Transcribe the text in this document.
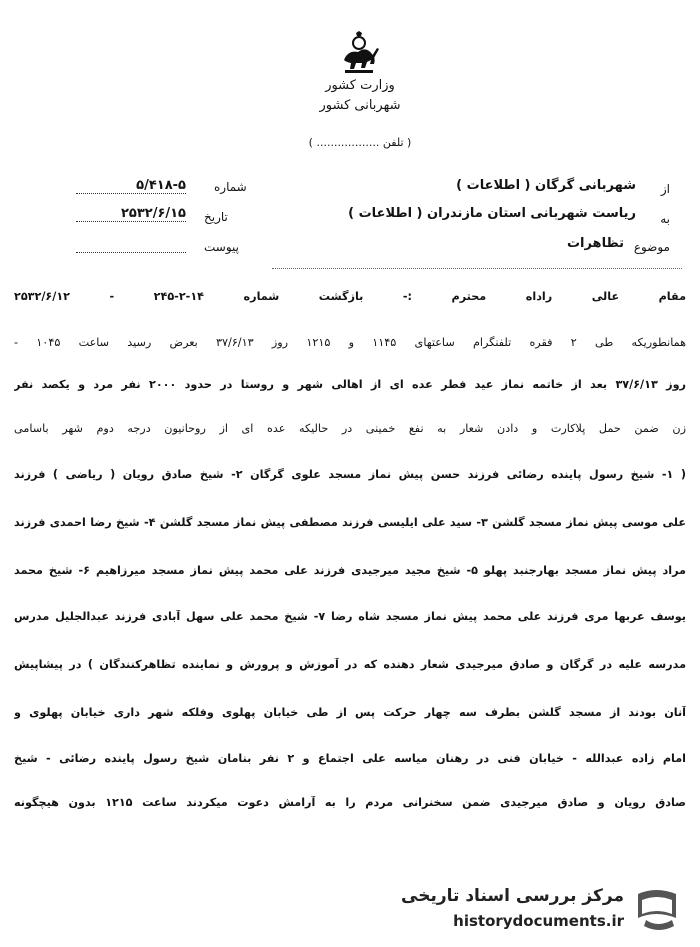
وزارت کشور
شهربانی کشور
( تلفن .................. )
شماره
۵/۴۱۸-۵
تاریخ
۲۵۳۲/۶/۱۵
پیوست
از
شهربانی گرگان ( اطلاعات )
به
ریاست شهربانی استان مازندران ( اطلاعات )
موضوع
تظاهرات
مقام عالی راداه محترم :- بازگشت شماره ۱۴-۲-۲۴۵ - ۲۵۳۲/۶/۱۲
همانطوریکه طی ۲ فقره تلفنگرام ساعتهای ۱۱۴۵ و ۱۲۱۵ روز ۳۷/۶/۱۳ بعرض رسید ساعت ۱۰۴۵ -
روز ۳۷/۶/۱۳ بعد از خاتمه نماز عید فطر عده ای از اهالی شهر و روستا در حدود ۲۰۰۰ نفر مرد و یکصد نفر
زن ضمن حمل پلاکارت و دادن شعار به نفع خمینی در حالیکه عده ای از روحانیون درجه دوم شهر باسامی
( ۱- شیخ رسول پاینده رضائی فرزند حسن پیش نماز مسجد علوی گرگان ۲- شیخ صادق رویان ( ریاضی ) فرزند
علی موسی پیش نماز مسجد گلشن ۳- سید علی ایلیسی فرزند مصطفی پیش نماز مسجد گلشن ۴- شیخ رضا احمدی فرزند
مراد پیش نماز مسجد بهارجنبد پهلو ۵- شیخ مجید میرجیدی فرزند علی محمد پیش نماز مسجد میرزاهیم ۶- شیخ محمد
یوسف عربها مری فرزند علی محمد پیش نماز مسجد شاه رضا ۷- شیخ محمد علی سهل آبادی فرزند عبدالجلیل مدرس
مدرسه علیه در گرگان و صادق میرجیدی شعار دهنده که در آموزش و پرورش و نماینده تظاهرکنندگان ) در پیشاپیش
آنان بودند از مسجد گلشن بطرف سه چهار حرکت پس از طی خیابان پهلوی وفلکه شهر داری خیابان پهلوی و
امام زاده عبدالله - خیابان فنی در رهنان میاسه علی اجتماع و ۲ نفر بنامان شیخ رسول پاینده رضائی - شیخ
صادق رویان و صادق میرجیدی ضمن سخنرانی مردم را به آرامش دعوت میکردند ساعت ۱۲۱۵ بدون هیچگونه
مرکز بررسی اسناد تاریخی
historydocuments.ir
